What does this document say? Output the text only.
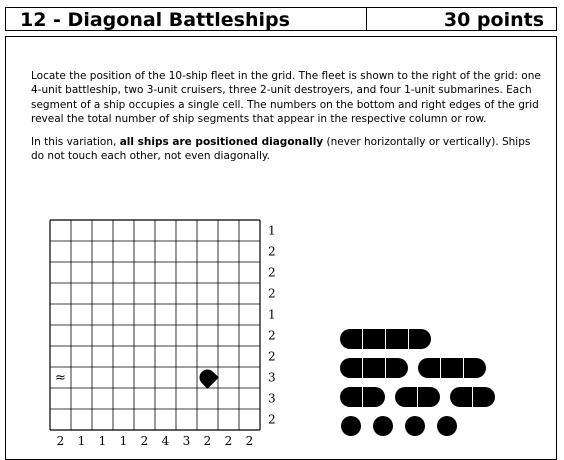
12 - Diagonal Battleships	30 points
Locate the position of the 10-ship fleet in the grid. The fleet is shown to the right of the grid: one 4-unit battleship, two 3-unit cruisers, three 2-unit destroyers, and four 1-unit submarines. Each segment of a ship occupies a single cell. The numbers on the bottom and right edges of the grid reveal the total number of ship segments that appear in the respective column or row.
In this variation, all ships are positioned diagonally (never horizontally or vertically). Ships do not touch each other, not even diagonally.
≈
2 1 1 1 2 4 3 2 2 2
1
2
2
2
1
2
2
3
3
2
